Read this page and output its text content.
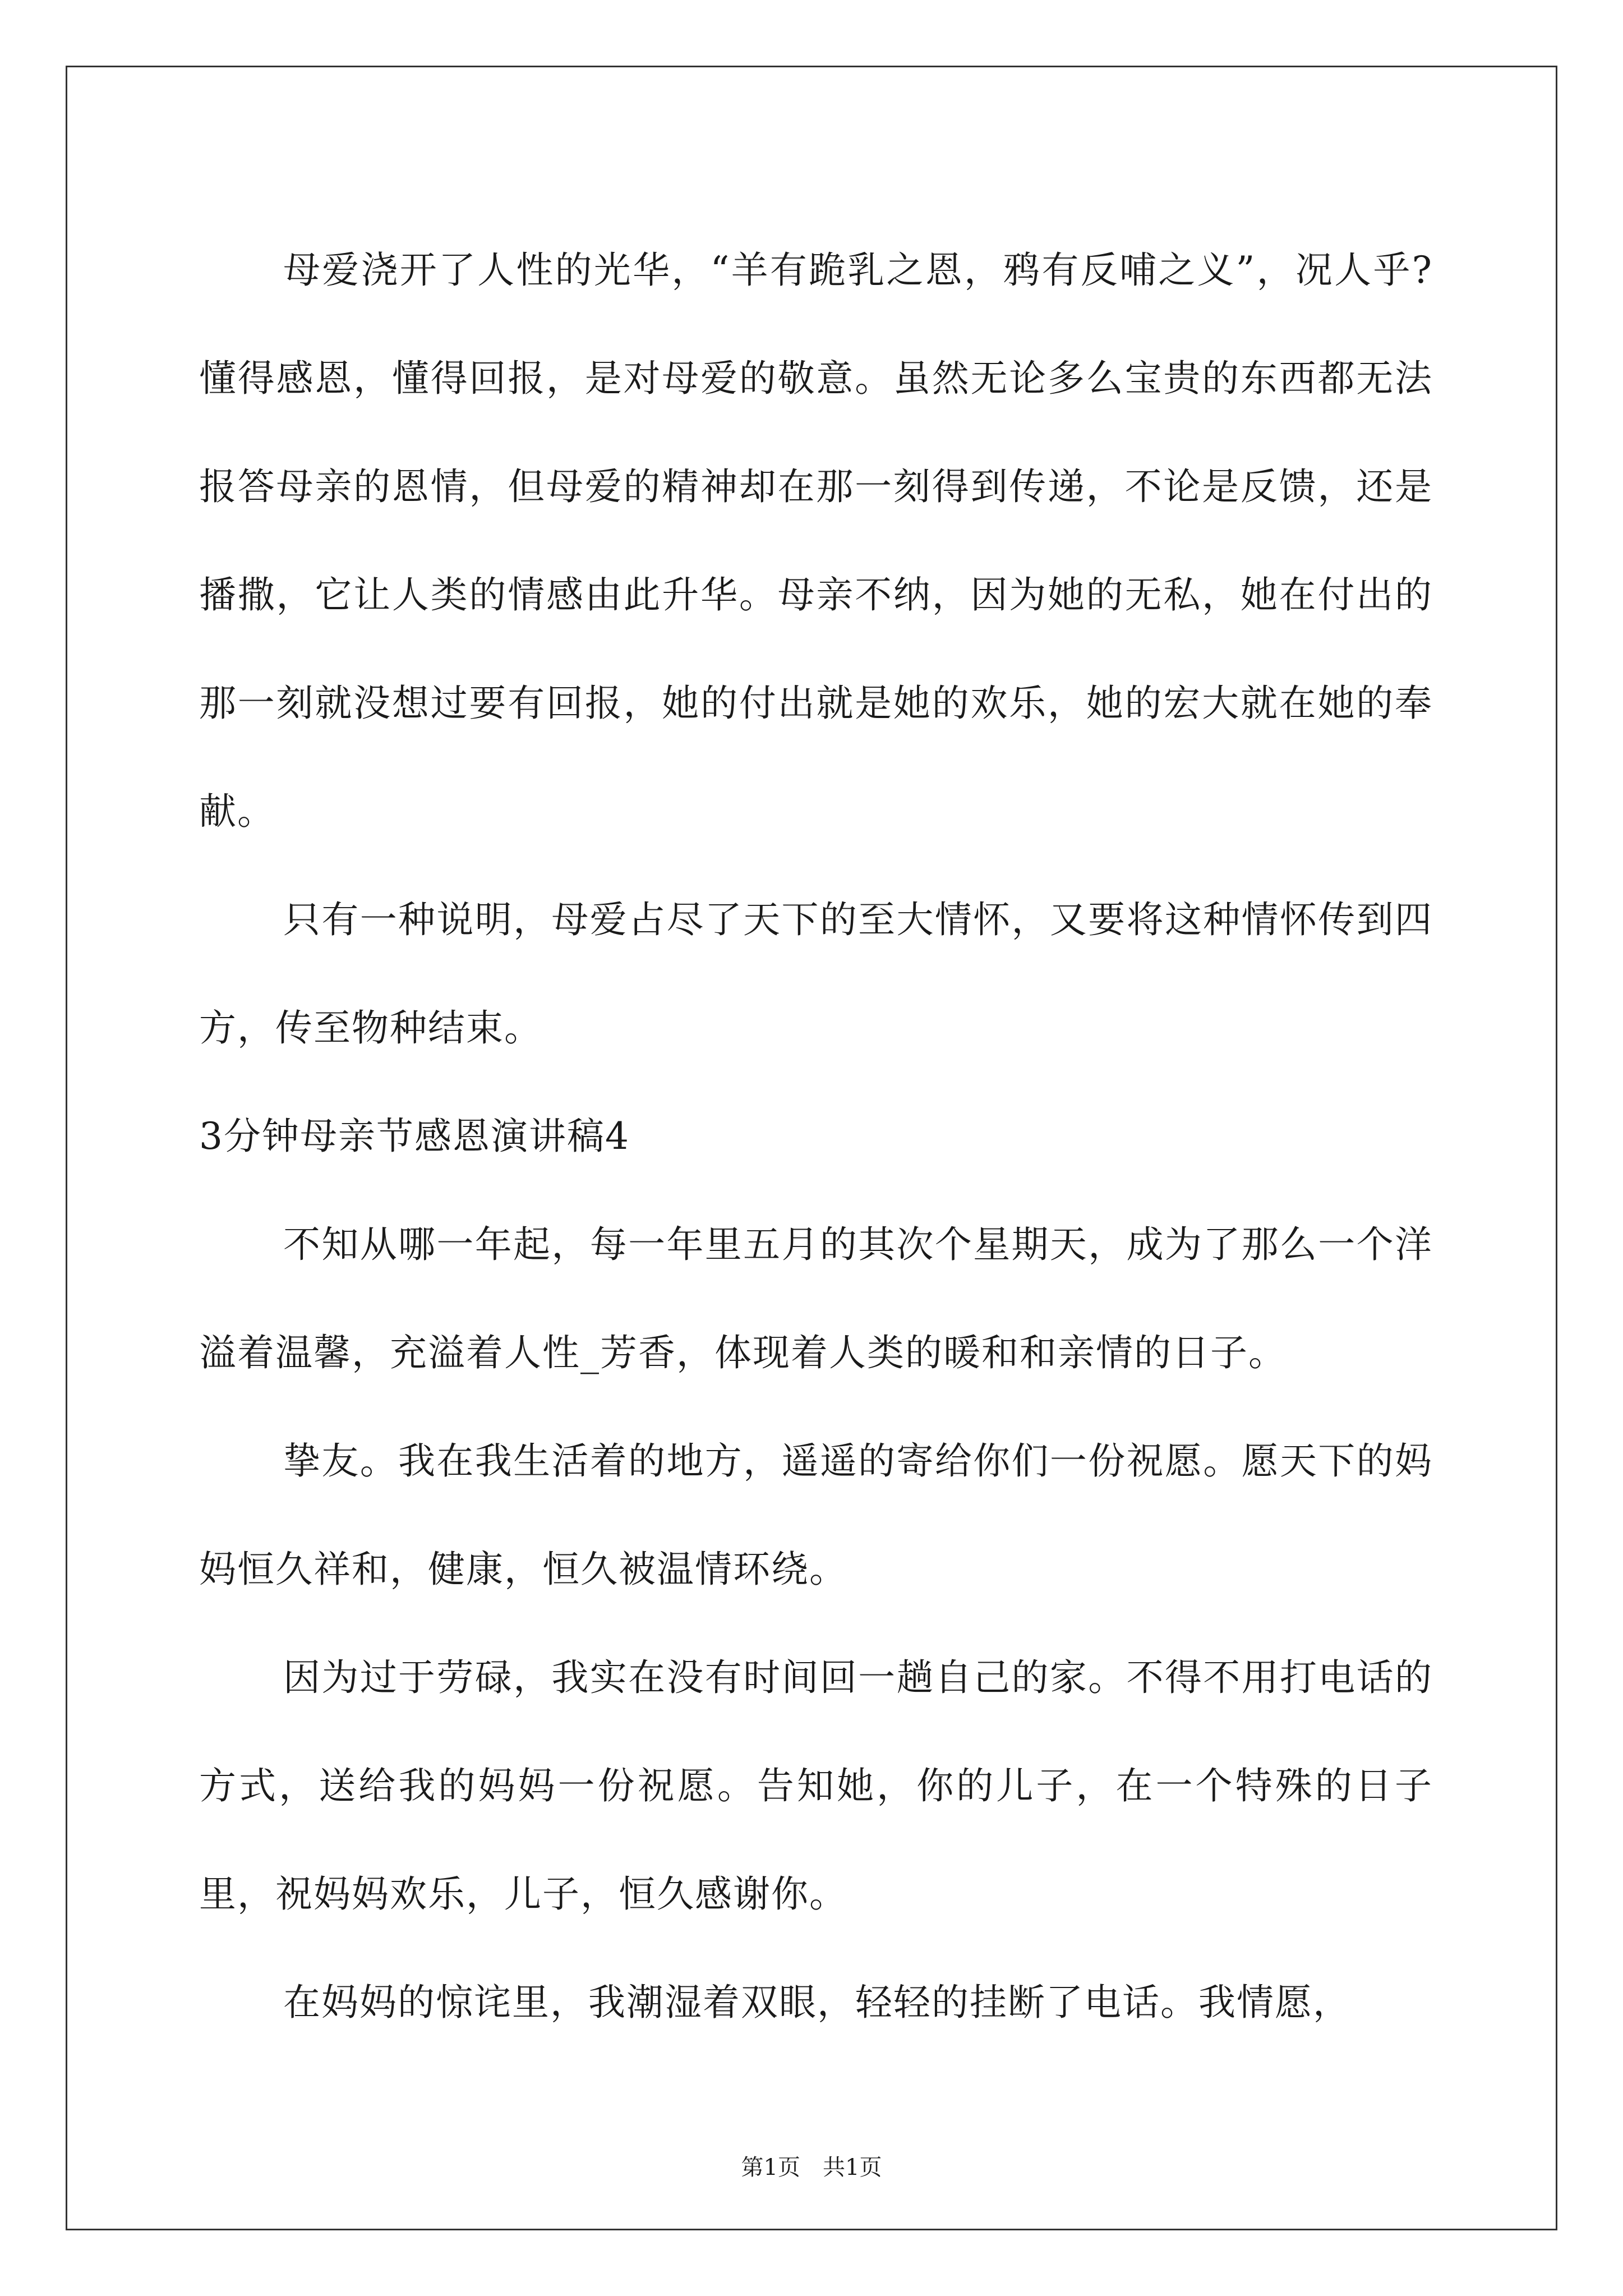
母爱浇开了人性的光华，“羊有跪乳之恩，鸦有反哺之义”，况人乎?懂得感恩，懂得回报，是对母爱的敬意。虽然无论多么宝贵的东西都无法报答母亲的恩情，但母爱的精神却在那一刻得到传递，不论是反馈，还是播撒，它让人类的情感由此升华。母亲不纳，因为她的无私，她在付出的那一刻就没想过要有回报，她的付出就是她的欢乐，她的宏大就在她的奉献。

只有一种说明，母爱占尽了天下的至大情怀，又要将这种情怀传到四方，传至物种结束。

3分钟母亲节感恩演讲稿4

不知从哪一年起，每一年里五月的其次个星期天，成为了那么一个洋溢着温馨，充溢着人性_芳香，体现着人类的暖和和亲情的日子。

挚友。我在我生活着的地方，遥遥的寄给你们一份祝愿。愿天下的妈妈恒久祥和，健康，恒久被温情环绕。

因为过于劳碌，我实在没有时间回一趟自己的家。不得不用打电话的方式，送给我的妈妈一份祝愿。告知她，你的儿子，在一个特殊的日子里，祝妈妈欢乐，儿子，恒久感谢你。

在妈妈的惊诧里，我潮湿着双眼，轻轻的挂断了电话。我情愿，

第1页　共1页
